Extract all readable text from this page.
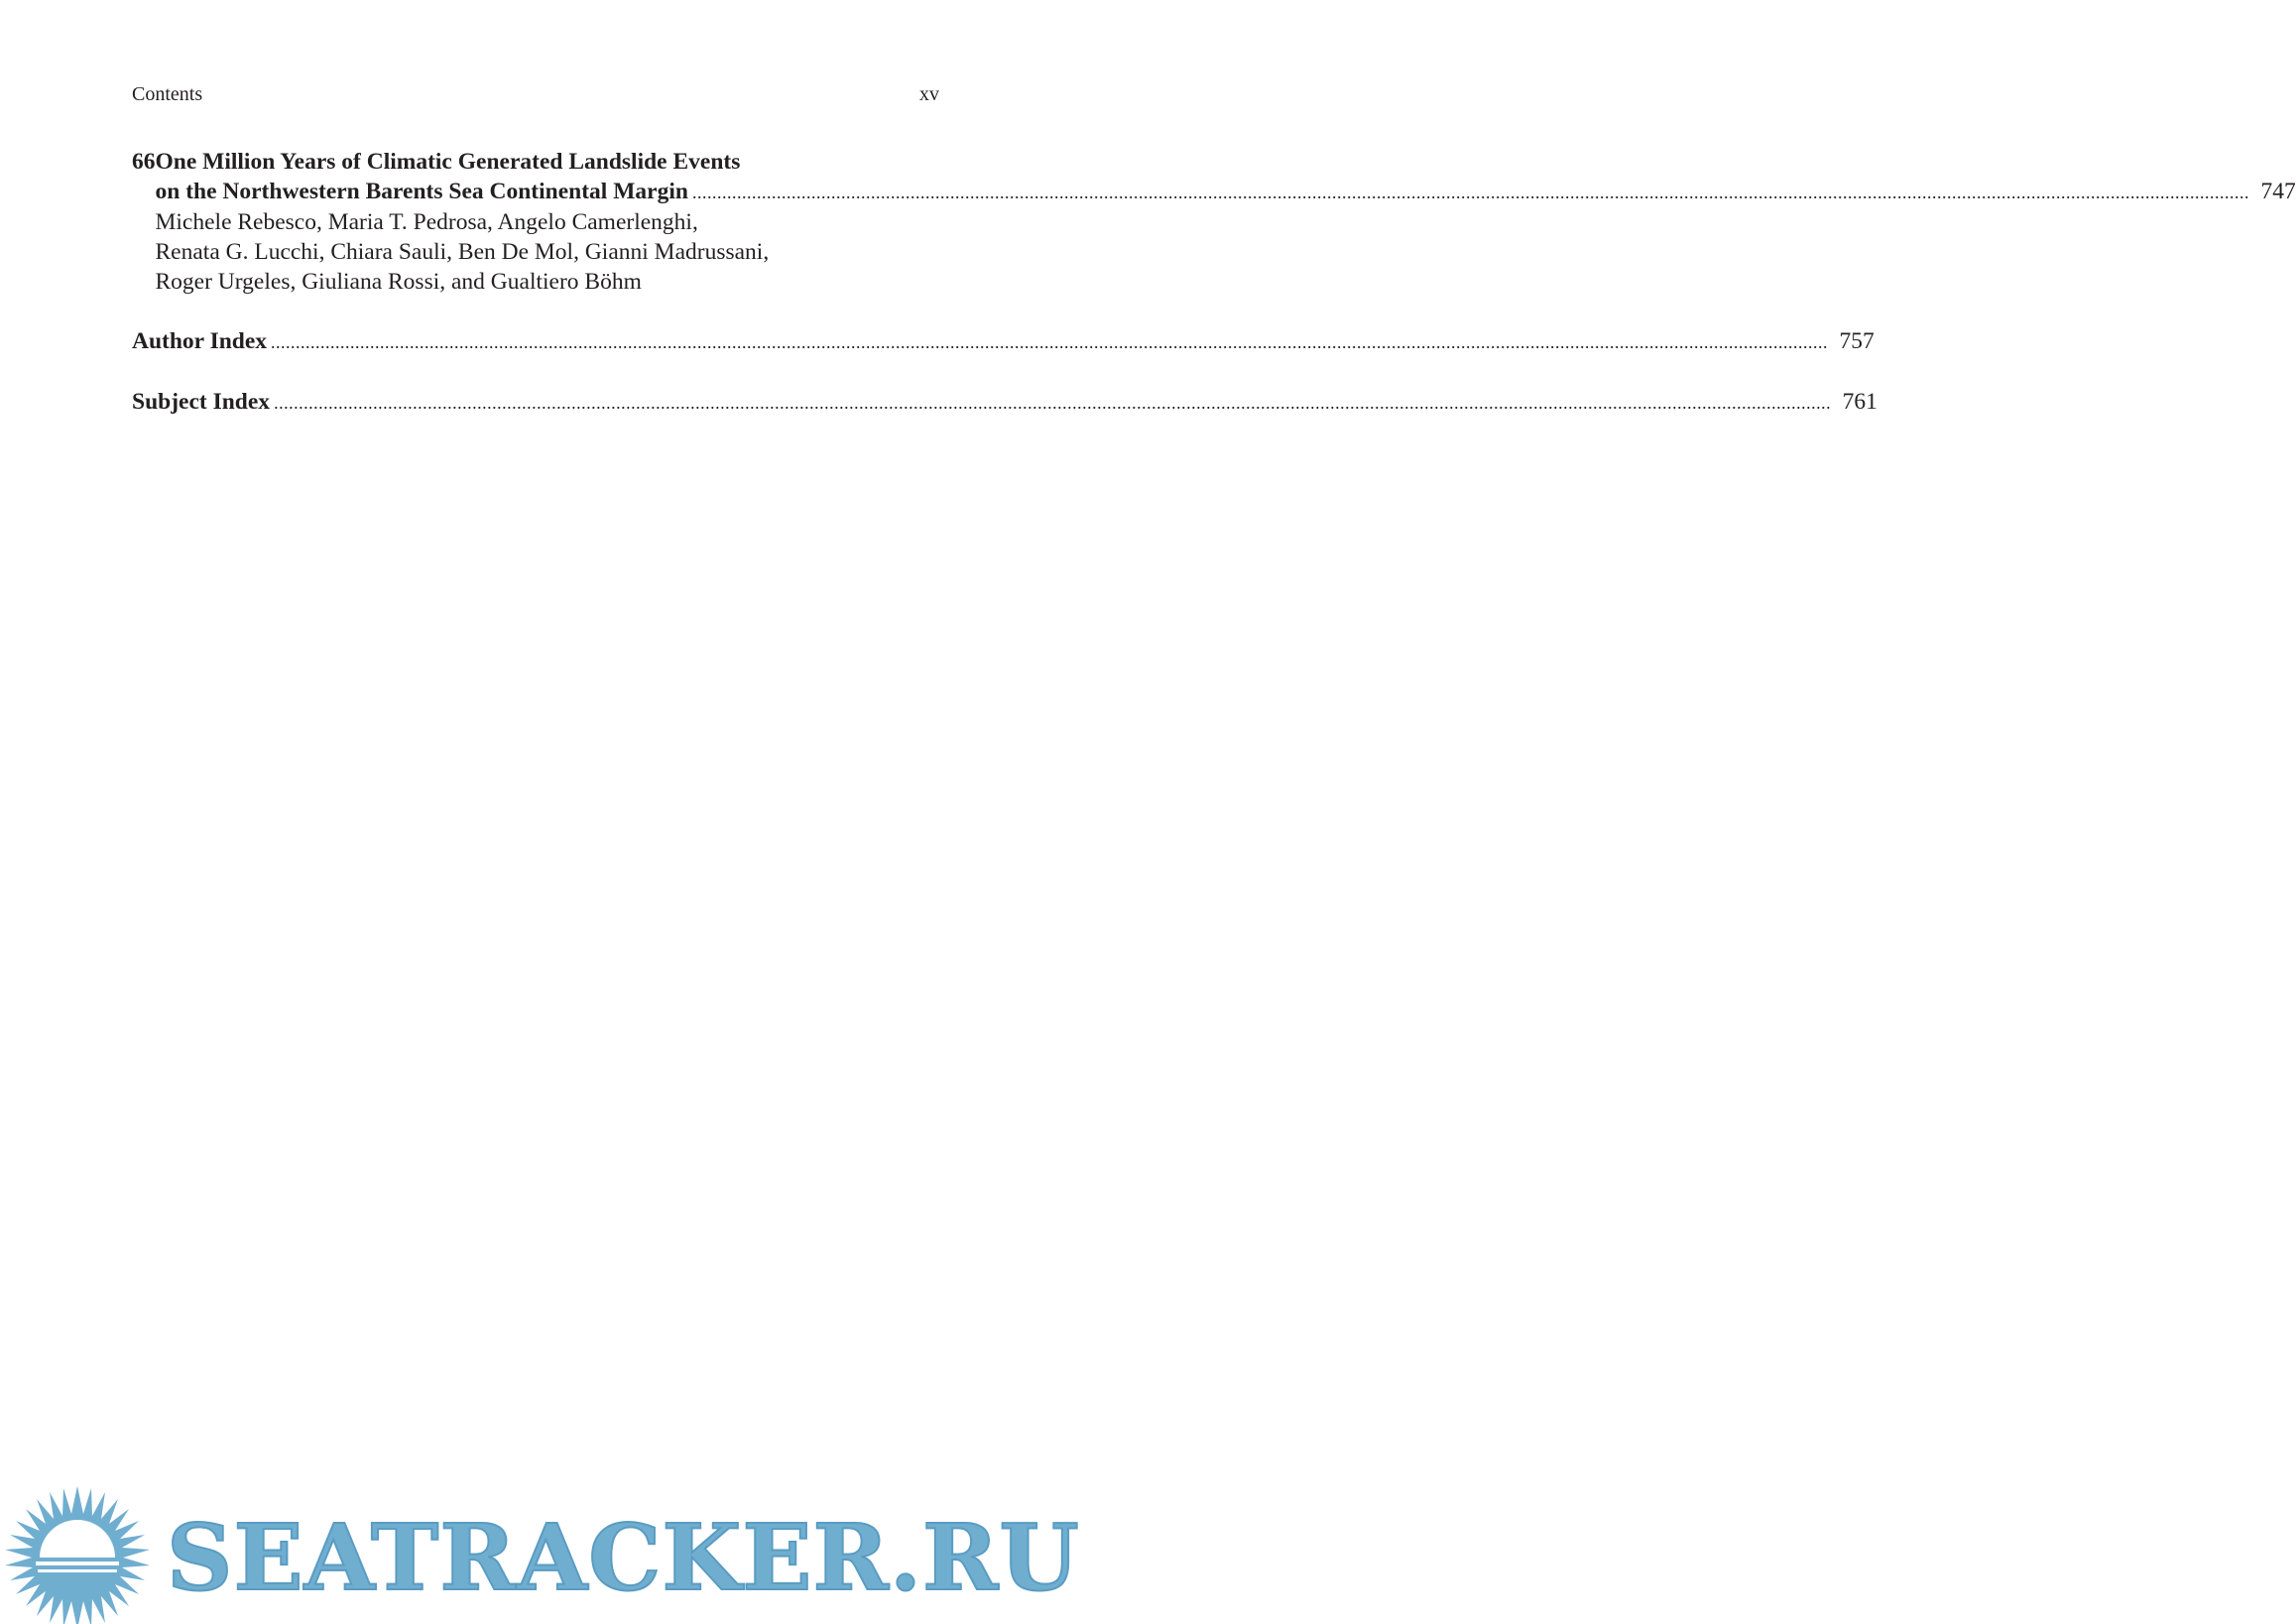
Contents	xv
66 One Million Years of Climatic Generated Landslide Events
on the Northwestern Barents Sea Continental Margin . . .	747
Michele Rebesco, Maria T. Pedrosa, Angelo Camerlenghi,
Renata G. Lucchi, Chiara Sauli, Ben De Mol, Gianni Madrussani,
Roger Urgeles, Giuliana Rossi, and Gualtiero Böhm
Author Index . . .	757
Subject Index . . .	761
SEATRACKER.RU
